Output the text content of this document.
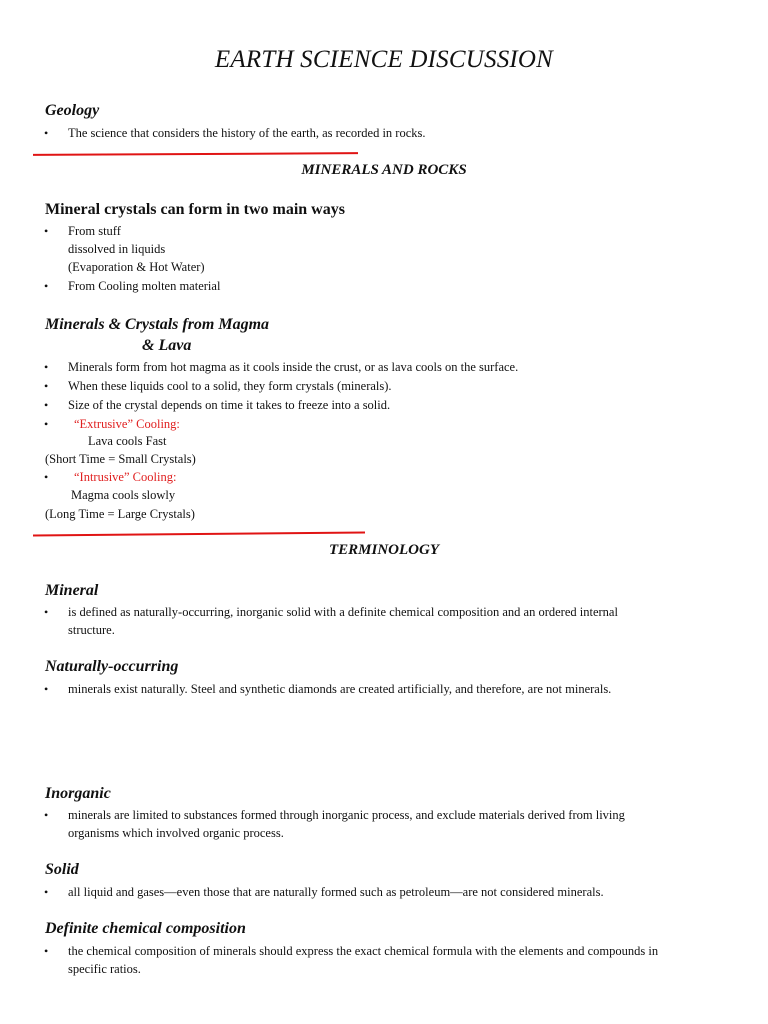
EARTH SCIENCE DISCUSSION
Geology
• The science that considers the history of the earth, as recorded in rocks.
MINERALS AND ROCKS
Mineral crystals can form in two main ways
• From stuff
dissolved in liquids
(Evaporation & Hot Water)
• From Cooling molten material
Minerals & Crystals from Magma
& Lava
• Minerals form from hot magma as it cools inside the crust, or as lava cools on the surface.
• When these liquids cool to a solid, they form crystals (minerals).
• Size of the crystal depends on time it takes to freeze into a solid.
• “Extrusive” Cooling:
Lava cools Fast
(Short Time = Small Crystals)
• “Intrusive” Cooling:
Magma cools slowly
(Long Time = Large Crystals)
TERMINOLOGY
Mineral
• is defined as naturally-occurring, inorganic solid with a definite chemical composition and an ordered internal
structure.
Naturally-occurring
• minerals exist naturally. Steel and synthetic diamonds are created artificially, and therefore, are not minerals.
Inorganic
• minerals are limited to substances formed through inorganic process, and exclude materials derived from living
organisms which involved organic process.
Solid
• all liquid and gases—even those that are naturally formed such as petroleum—are not considered minerals.
Definite chemical composition
• the chemical composition of minerals should express the exact chemical formula with the elements and compounds in
specific ratios.
